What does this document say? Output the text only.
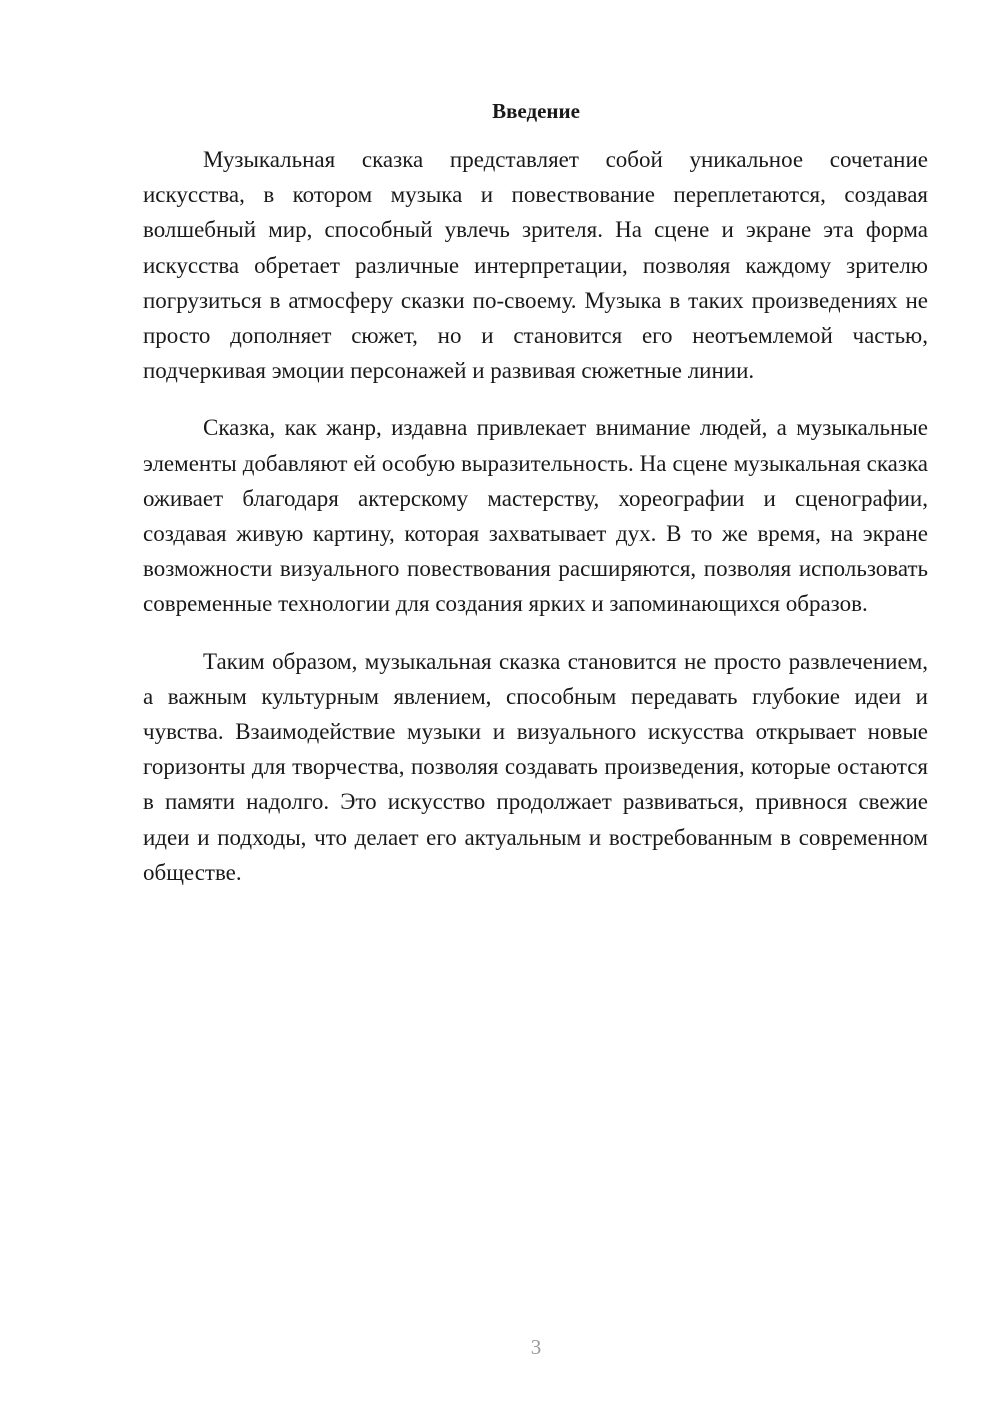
Введение

Музыкальная сказка представляет собой уникальное сочетание искусства, в котором музыка и повествование переплетаются, создавая волшебный мир, способный увлечь зрителя. На сцене и экране эта форма искусства обретает различные интерпретации, позволяя каждому зрителю погрузиться в атмосферу сказки по-своему. Музыка в таких произведениях не просто дополняет сюжет, но и становится его неотъемлемой частью, подчеркивая эмоции персонажей и развивая сюжетные линии.

Сказка, как жанр, издавна привлекает внимание людей, а музыкальные элементы добавляют ей особую выразительность. На сцене музыкальная сказка оживает благодаря актерскому мастерству, хореографии и сценографии, создавая живую картину, которая захватывает дух. В то же время, на экране возможности визуального повествования расширяются, позволяя использовать современные технологии для создания ярких и запоминающихся образов.

Таким образом, музыкальная сказка становится не просто развлечением, а важным культурным явлением, способным передавать глубокие идеи и чувства. Взаимодействие музыки и визуального искусства открывает новые горизонты для творчества, позволяя создавать произведения, которые остаются в памяти надолго. Это искусство продолжает развиваться, привнося свежие идеи и подходы, что делает его актуальным и востребованным в современном обществе.

3
